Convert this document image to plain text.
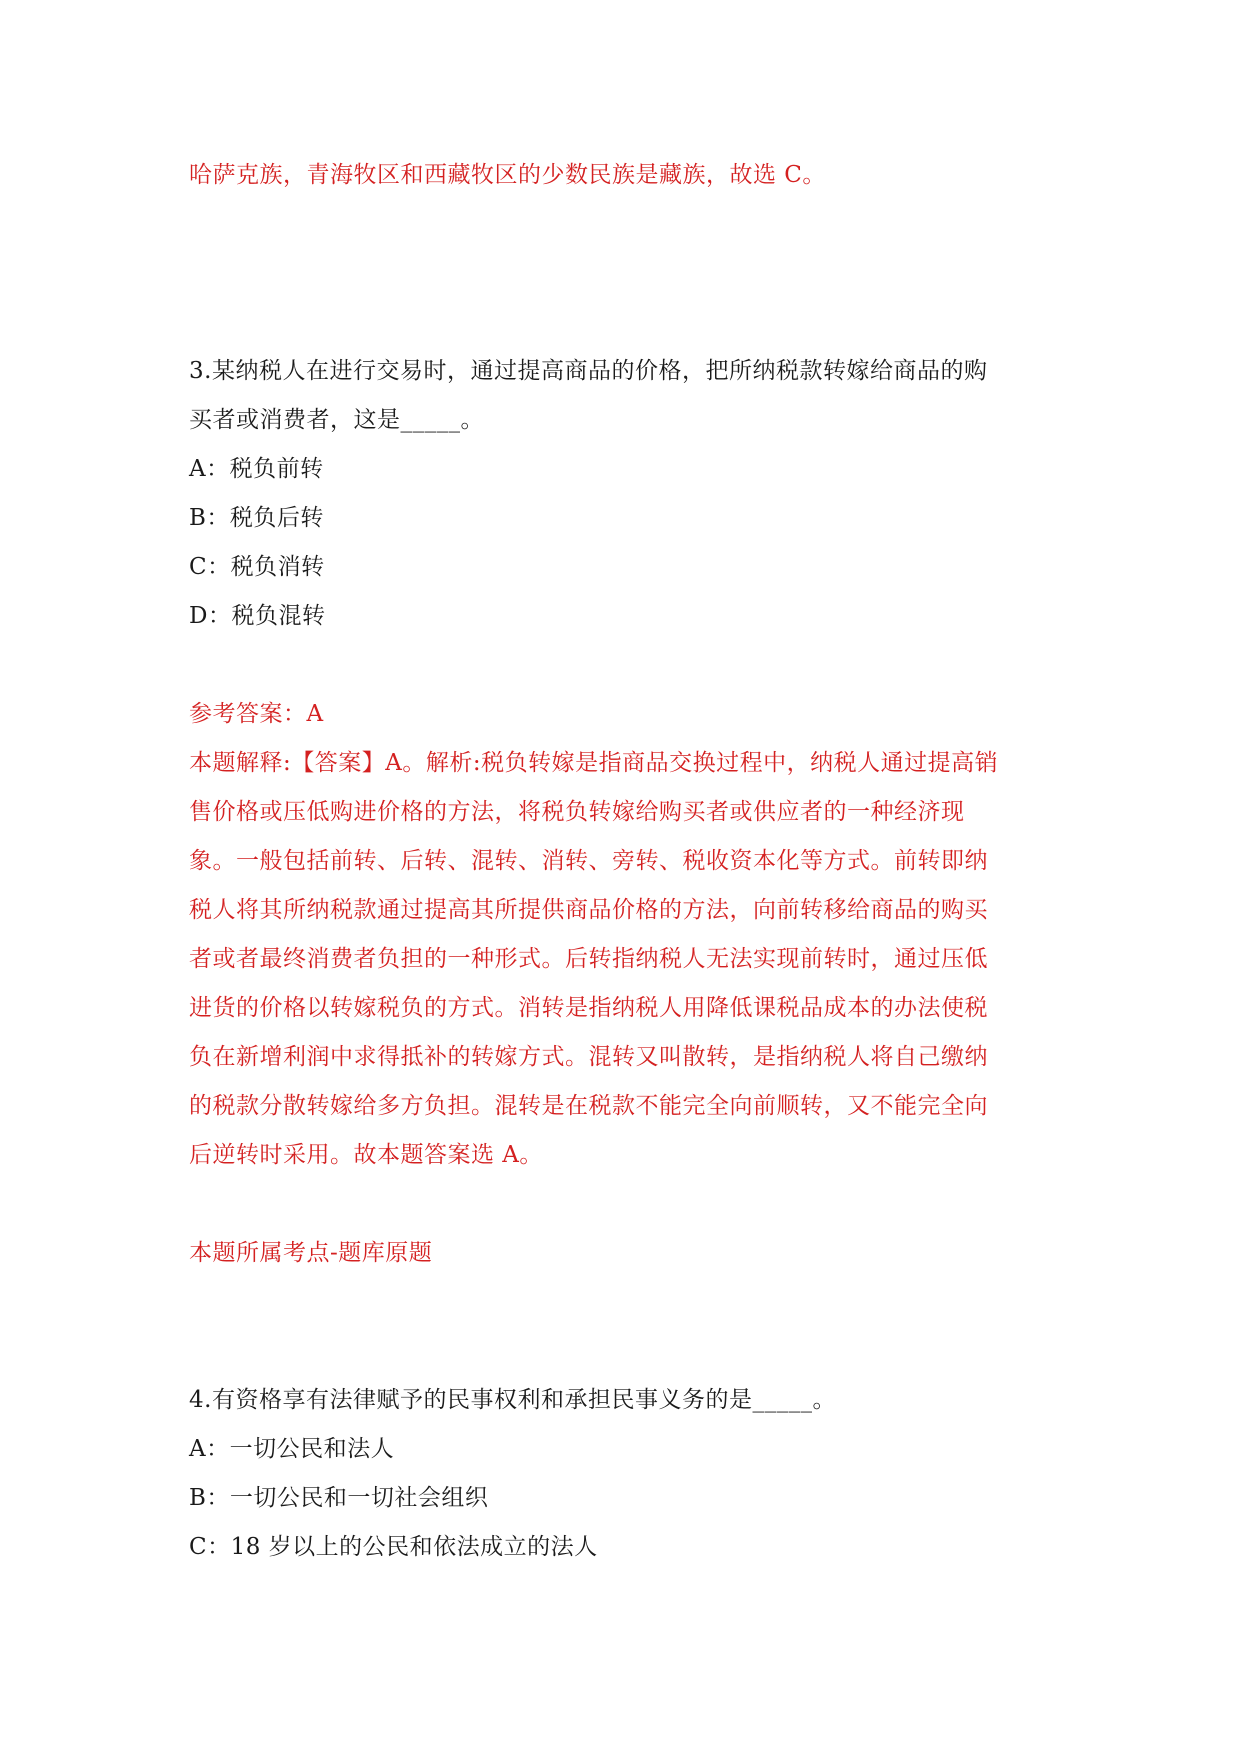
哈萨克族，青海牧区和西藏牧区的少数民族是藏族，故选 C。
3.某纳税人在进行交易时，通过提高商品的价格，把所纳税款转嫁给商品的购
买者或消费者，这是_____。
A：税负前转
B：税负后转
C：税负消转
D：税负混转
参考答案：A
本题解释:【答案】A。解析:税负转嫁是指商品交换过程中，纳税人通过提高销
售价格或压低购进价格的方法，将税负转嫁给购买者或供应者的一种经济现
象。一般包括前转、后转、混转、消转、旁转、税收资本化等方式。前转即纳
税人将其所纳税款通过提高其所提供商品价格的方法，向前转移给商品的购买
者或者最终消费者负担的一种形式。后转指纳税人无法实现前转时，通过压低
进货的价格以转嫁税负的方式。消转是指纳税人用降低课税品成本的办法使税
负在新增利润中求得抵补的转嫁方式。混转又叫散转，是指纳税人将自己缴纳
的税款分散转嫁给多方负担。混转是在税款不能完全向前顺转，又不能完全向
后逆转时采用。故本题答案选 A。
本题所属考点-题库原题
4.有资格享有法律赋予的民事权利和承担民事义务的是_____。
A：一切公民和法人
B：一切公民和一切社会组织
C：18 岁以上的公民和依法成立的法人
